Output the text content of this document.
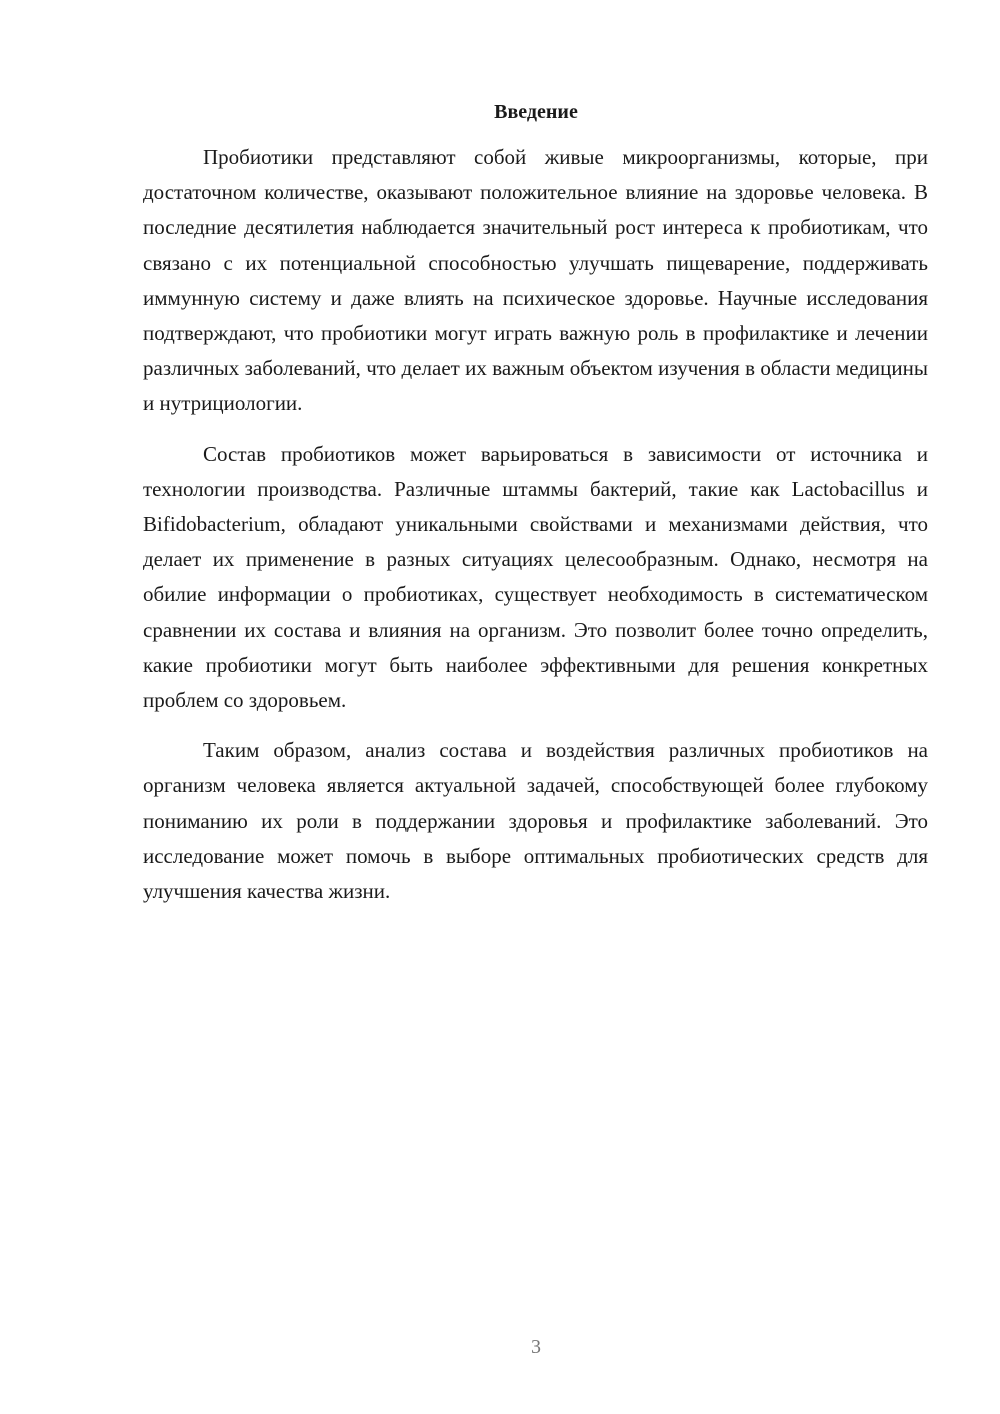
Введение

Пробиотики представляют собой живые микроорганизмы, которые, при достаточном количестве, оказывают положительное влияние на здоровье человека. В последние десятилетия наблюдается значительный рост интереса к пробиотикам, что связано с их потенциальной способностью улучшать пищеварение, поддерживать иммунную систему и даже влиять на психическое здоровье. Научные исследования подтверждают, что пробиотики могут играть важную роль в профилактике и лечении различных заболеваний, что делает их важным объектом изучения в области медицины и нутрициологии.

Состав пробиотиков может варьироваться в зависимости от источника и технологии производства. Различные штаммы бактерий, такие как Lactobacillus и Bifidobacterium, обладают уникальными свойствами и механизмами действия, что делает их применение в разных ситуациях целесообразным. Однако, несмотря на обилие информации о пробиотиках, существует необходимость в систематическом сравнении их состава и влияния на организм. Это позволит более точно определить, какие пробиотики могут быть наиболее эффективными для решения конкретных проблем со здоровьем.

Таким образом, анализ состава и воздействия различных пробиотиков на организм человека является актуальной задачей, способствующей более глубокому пониманию их роли в поддержании здоровья и профилактике заболеваний. Это исследование может помочь в выборе оптимальных пробиотических средств для улучшения качества жизни.

3
